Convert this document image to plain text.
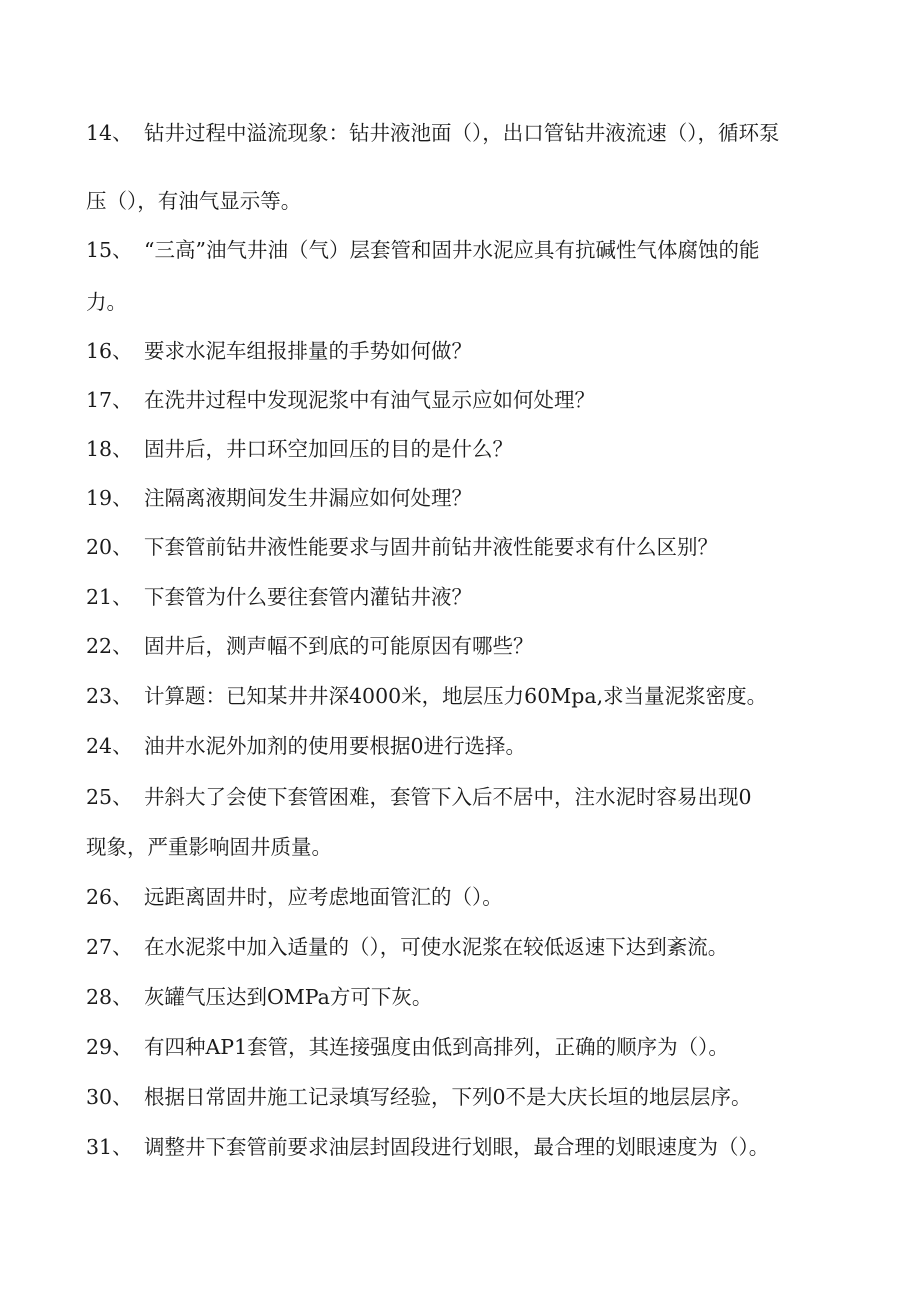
14、 钻井过程中溢流现象：钻井液池面（），出口管钻井液流速（），循环泵
压（），有油气显示等。
15、 “三高”油气井油（气）层套管和固井水泥应具有抗碱性气体腐蚀的能
力。
16、 要求水泥车组报排量的手势如何做？
17、 在洗井过程中发现泥浆中有油气显示应如何处理？
18、 固井后，井口环空加回压的目的是什么？
19、 注隔离液期间发生井漏应如何处理？
20、 下套管前钻井液性能要求与固井前钻井液性能要求有什么区别？
21、 下套管为什么要往套管内灌钻井液？
22、 固井后，测声幅不到底的可能原因有哪些？
23、 计算题：已知某井井深4000米，地层压力60Mpa,求当量泥浆密度。
24、 油井水泥外加剂的使用要根据0进行选择。
25、 井斜大了会使下套管困难，套管下入后不居中，注水泥时容易出现0
现象，严重影响固井质量。
26、 远距离固井时，应考虑地面管汇的（）。
27、 在水泥浆中加入适量的（），可使水泥浆在较低返速下达到紊流。
28、 灰罐气压达到OMPa方可下灰。
29、 有四种AP1套管，其连接强度由低到高排列，正确的顺序为（）。
30、 根据日常固井施工记录填写经验，下列0不是大庆长垣的地层层序。
31、 调整井下套管前要求油层封固段进行划眼，最合理的划眼速度为（）。
